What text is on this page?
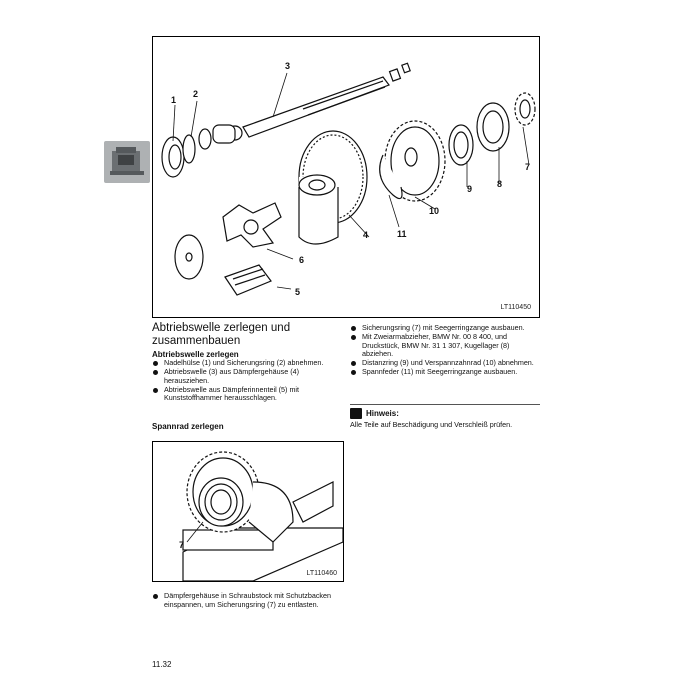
1
2
3
4
5
6
7
8
9
10
11
LT110450
Abtriebswelle zerlegen und zusammenbauen
Abtriebswelle zerlegen
Nadelhülse (1) und Sicherungsring (2) abnehmen.
Abtriebswelle (3) aus Dämpfergehäuse (4) herausziehen.
Abtriebswelle aus Dämpferinnenteil (5) mit Kunststoffhammer herausschlagen.
Spannrad zerlegen
7
LT110460
Dämpfergehäuse in Schraubstock mit Schutzbacken einspannen, um Sicherungsring (7) zu entlasten.
Sicherungsring (7) mit Seegerringzange ausbauen.
Mit Zweiarmabzieher, BMW Nr. 00 8 400, und Druckstück, BMW Nr. 31 1 307, Kugellager (8) abziehen.
Distanzring (9) und Verspannzahnrad (10) abnehmen.
Spannfeder (11) mit Seegerringzange ausbauen.
Hinweis:
Alle Teile auf Beschädigung und Verschleiß prüfen.
11.32
